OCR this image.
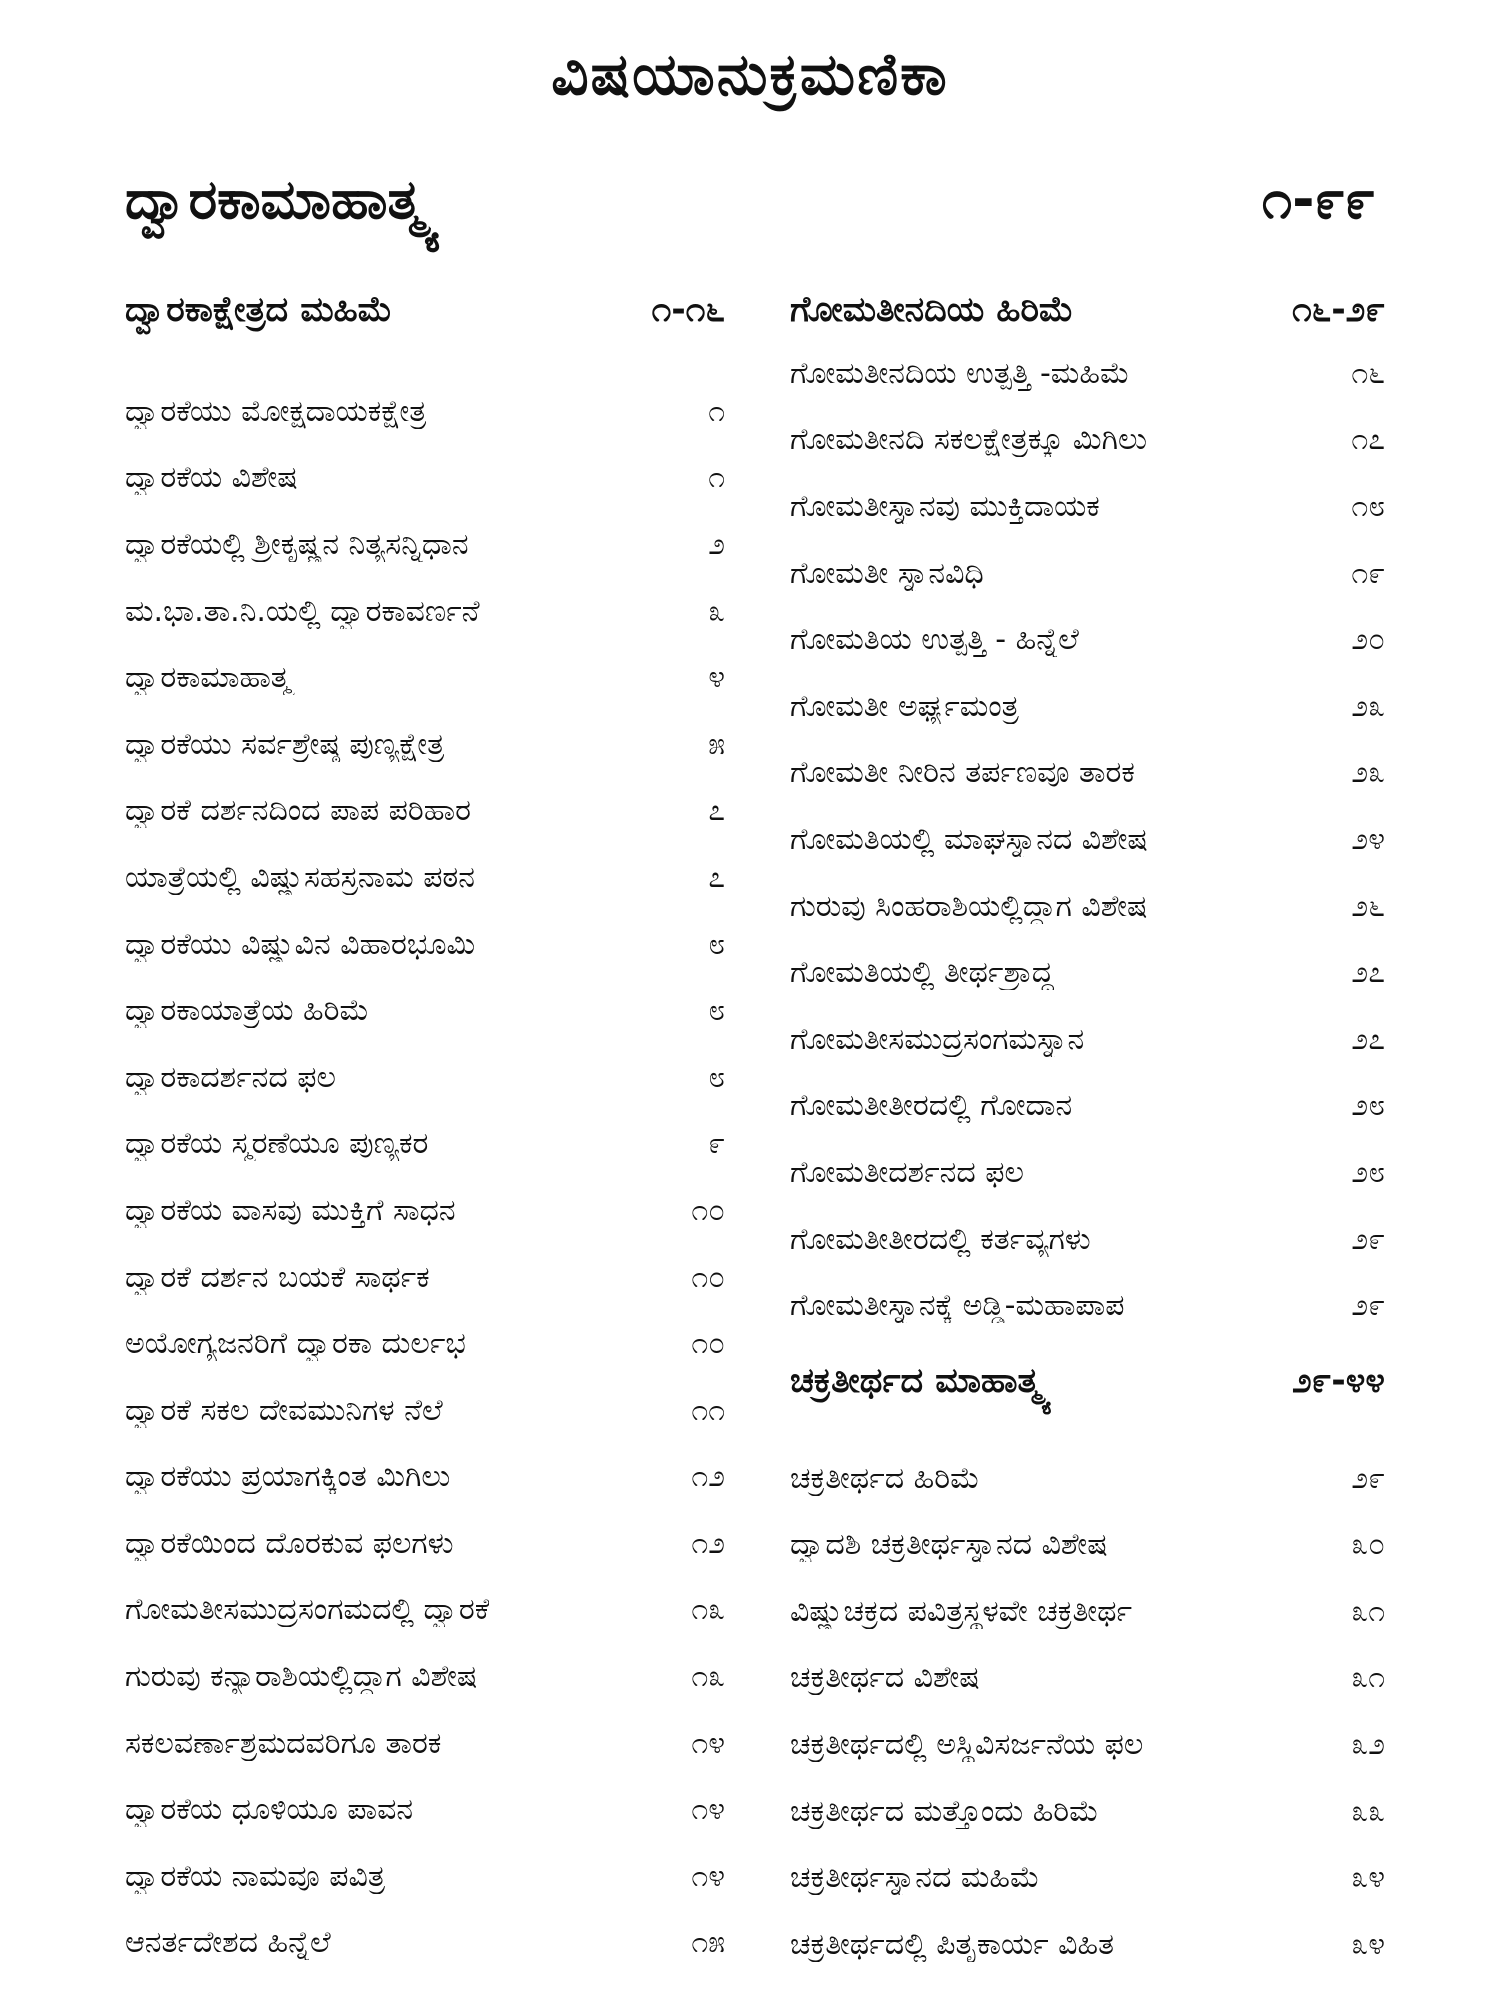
ವಿಷಯಾನುಕ್ರಮಣಿಕಾ
ದ್ವಾರಕಾಮಾಹಾತ್ಮ್ಯ	೧-೯೯
ದ್ವಾರಕಾಕ್ಷೇತ್ರದ ಮಹಿಮೆ	೧-೧೬
ದ್ವಾರಕೆಯು ಮೋಕ್ಷದಾಯಕಕ್ಷೇತ್ರ	೧
ದ್ವಾರಕೆಯ ವಿಶೇಷ	೧
ದ್ವಾರಕೆಯಲ್ಲಿ ಶ್ರೀಕೃಷ್ಣನ ನಿತ್ಯಸನ್ನಿಧಾನ	೨
ಮ.ಭಾ.ತಾ.ನಿ.ಯಲ್ಲಿ ದ್ವಾರಕಾವರ್ಣನೆ	೩
ದ್ವಾರಕಾಮಾಹಾತ್ಮ್ಯ	೪
ದ್ವಾರಕೆಯು ಸರ್ವಶ್ರೇಷ್ಠ ಪುಣ್ಯಕ್ಷೇತ್ರ	೫
ದ್ವಾರಕೆ ದರ್ಶನದಿಂದ ಪಾಪ ಪರಿಹಾರ	೭
ಯಾತ್ರೆಯಲ್ಲಿ ವಿಷ್ಣುಸಹಸ್ರನಾಮ ಪಠನ	೭
ದ್ವಾರಕೆಯು ವಿಷ್ಣುವಿನ ವಿಹಾರಭೂಮಿ	೮
ದ್ವಾರಕಾಯಾತ್ರೆಯ ಹಿರಿಮೆ	೮
ದ್ವಾರಕಾದರ್ಶನದ ಫಲ	೮
ದ್ವಾರಕೆಯ ಸ್ಮರಣೆಯೂ ಪುಣ್ಯಕರ	೯
ದ್ವಾರಕೆಯ ವಾಸವು ಮುಕ್ತಿಗೆ ಸಾಧನ	೧೦
ದ್ವಾರಕೆ ದರ್ಶನ ಬಯಕೆ ಸಾರ್ಥಕ	೧೦
ಅಯೋಗ್ಯಜನರಿಗೆ ದ್ವಾರಕಾ ದುರ್ಲಭ	೧೦
ದ್ವಾರಕೆ ಸಕಲ ದೇವಮುನಿಗಳ ನೆಲೆ	೧೧
ದ್ವಾರಕೆಯು ಪ್ರಯಾಗಕ್ಕಿಂತ ಮಿಗಿಲು	೧೨
ದ್ವಾರಕೆಯಿಂದ ದೊರಕುವ ಫಲಗಳು	೧೨
ಗೋಮತೀಸಮುದ್ರಸಂಗಮದಲ್ಲಿ ದ್ವಾರಕೆ	೧೩
ಗುರುವು ಕನ್ಯಾರಾಶಿಯಲ್ಲಿದ್ದಾಗ ವಿಶೇಷ	೧೩
ಸಕಲವರ್ಣಾಶ್ರಮದವರಿಗೂ ತಾರಕ	೧೪
ದ್ವಾರಕೆಯ ಧೂಳಿಯೂ ಪಾವನ	೧೪
ದ್ವಾರಕೆಯ ನಾಮವೂ ಪವಿತ್ರ	೧೪
ಆನರ್ತದೇಶದ ಹಿನ್ನೆಲೆ	೧೫
ಗೋಮತೀನದಿಯ ಹಿರಿಮೆ	೧೬-೨೯
ಗೋಮತೀನದಿಯ ಉತ್ಪತ್ತಿ -ಮಹಿಮೆ	೧೬
ಗೋಮತೀನದಿ ಸಕಲಕ್ಷೇತ್ರಕ್ಕೂ ಮಿಗಿಲು	೧೭
ಗೋಮತೀಸ್ನಾನವು ಮುಕ್ತಿದಾಯಕ	೧೮
ಗೋಮತೀ ಸ್ನಾನವಿಧಿ	೧೯
ಗೋಮತಿಯ ಉತ್ಪತ್ತಿ - ಹಿನ್ನೆಲೆ	೨೦
ಗೋಮತೀ ಅರ್ಘ್ಯಮಂತ್ರ	೨೩
ಗೋಮತೀ ನೀರಿನ ತರ್ಪಣವೂ ತಾರಕ	೨೩
ಗೋಮತಿಯಲ್ಲಿ ಮಾಘಸ್ನಾನದ ವಿಶೇಷ	೨೪
ಗುರುವು ಸಿಂಹರಾಶಿಯಲ್ಲಿದ್ದಾಗ ವಿಶೇಷ	೨೬
ಗೋಮತಿಯಲ್ಲಿ ತೀರ್ಥಶ್ರಾದ್ಧ	೨೭
ಗೋಮತೀಸಮುದ್ರಸಂಗಮಸ್ನಾನ	೨೭
ಗೋಮತೀತೀರದಲ್ಲಿ ಗೋದಾನ	೨೮
ಗೋಮತೀದರ್ಶನದ ಫಲ	೨೮
ಗೋಮತೀತೀರದಲ್ಲಿ ಕರ್ತವ್ಯಗಳು	೨೯
ಗೋಮತೀಸ್ನಾನಕ್ಕೆ ಅಡ್ಡಿ-ಮಹಾಪಾಪ	೨೯
ಚಕ್ರತೀರ್ಥದ ಮಾಹಾತ್ಮ್ಯ	೨೯-೪೪
ಚಕ್ರತೀರ್ಥದ ಹಿರಿಮೆ	೨೯
ದ್ವಾದಶಿ ಚಕ್ರತೀರ್ಥಸ್ನಾನದ ವಿಶೇಷ	೩೦
ವಿಷ್ಣುಚಕ್ರದ ಪವಿತ್ರಸ್ಥಳವೇ ಚಕ್ರತೀರ್ಥ	೩೧
ಚಕ್ರತೀರ್ಥದ ವಿಶೇಷ	೩೧
ಚಕ್ರತೀರ್ಥದಲ್ಲಿ ಅಸ್ಥಿವಿಸರ್ಜನೆಯ ಫಲ	೩೨
ಚಕ್ರತೀರ್ಥದ ಮತ್ತೊಂದು ಹಿರಿಮೆ	೩೩
ಚಕ್ರತೀರ್ಥಸ್ನಾನದ ಮಹಿಮೆ	೩೪
ಚಕ್ರತೀರ್ಥದಲ್ಲಿ ಪಿತೃಕಾರ್ಯ ವಿಹಿತ	೩೪
